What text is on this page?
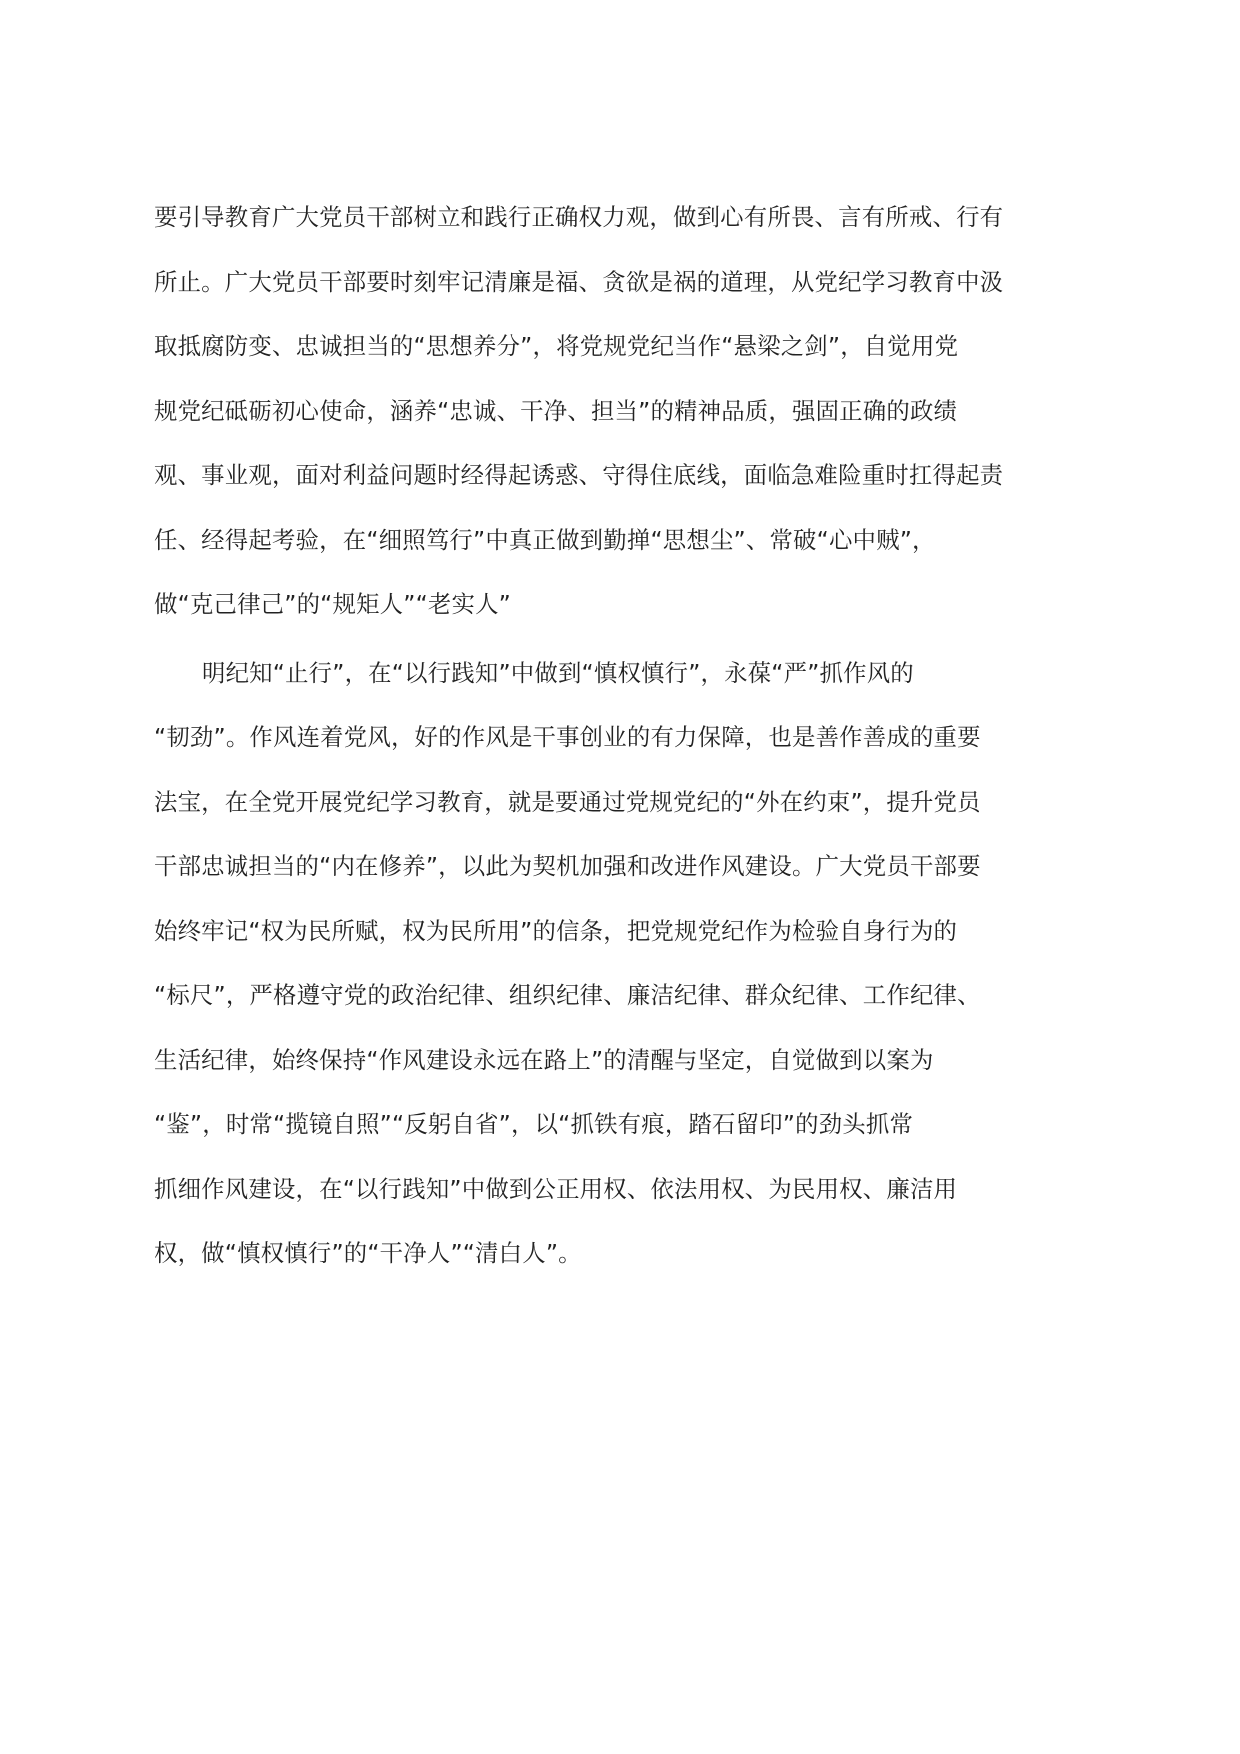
要引导教育广大党员干部树立和践行正确权力观，做到心有所畏、言有所戒、行有
所止。广大党员干部要时刻牢记清廉是福、贪欲是祸的道理，从党纪学习教育中汲
取抵腐防变、忠诚担当的“思想养分”，将党规党纪当作“悬梁之剑”，自觉用党
规党纪砥砺初心使命，涵养“忠诚、干净、担当”的精神品质，强固正确的政绩
观、事业观，面对利益问题时经得起诱惑、守得住底线，面临急难险重时扛得起责
任、经得起考验，在“细照笃行”中真正做到勤掸“思想尘”、常破“心中贼”，
做“克己律己”的“规矩人”“老实人”

明纪知“止行”，在“以行践知”中做到“慎权慎行”，永葆“严”抓作风的
“韧劲”。作风连着党风，好的作风是干事创业的有力保障，也是善作善成的重要
法宝，在全党开展党纪学习教育，就是要通过党规党纪的“外在约束”，提升党员
干部忠诚担当的“内在修养”，以此为契机加强和改进作风建设。广大党员干部要
始终牢记“权为民所赋，权为民所用”的信条，把党规党纪作为检验自身行为的
“标尺”，严格遵守党的政治纪律、组织纪律、廉洁纪律、群众纪律、工作纪律、
生活纪律，始终保持“作风建设永远在路上”的清醒与坚定，自觉做到以案为
“鉴”，时常“揽镜自照”“反躬自省”，以“抓铁有痕，踏石留印”的劲头抓常
抓细作风建设，在“以行践知”中做到公正用权、依法用权、为民用权、廉洁用
权，做“慎权慎行”的“干净人”“清白人”。
